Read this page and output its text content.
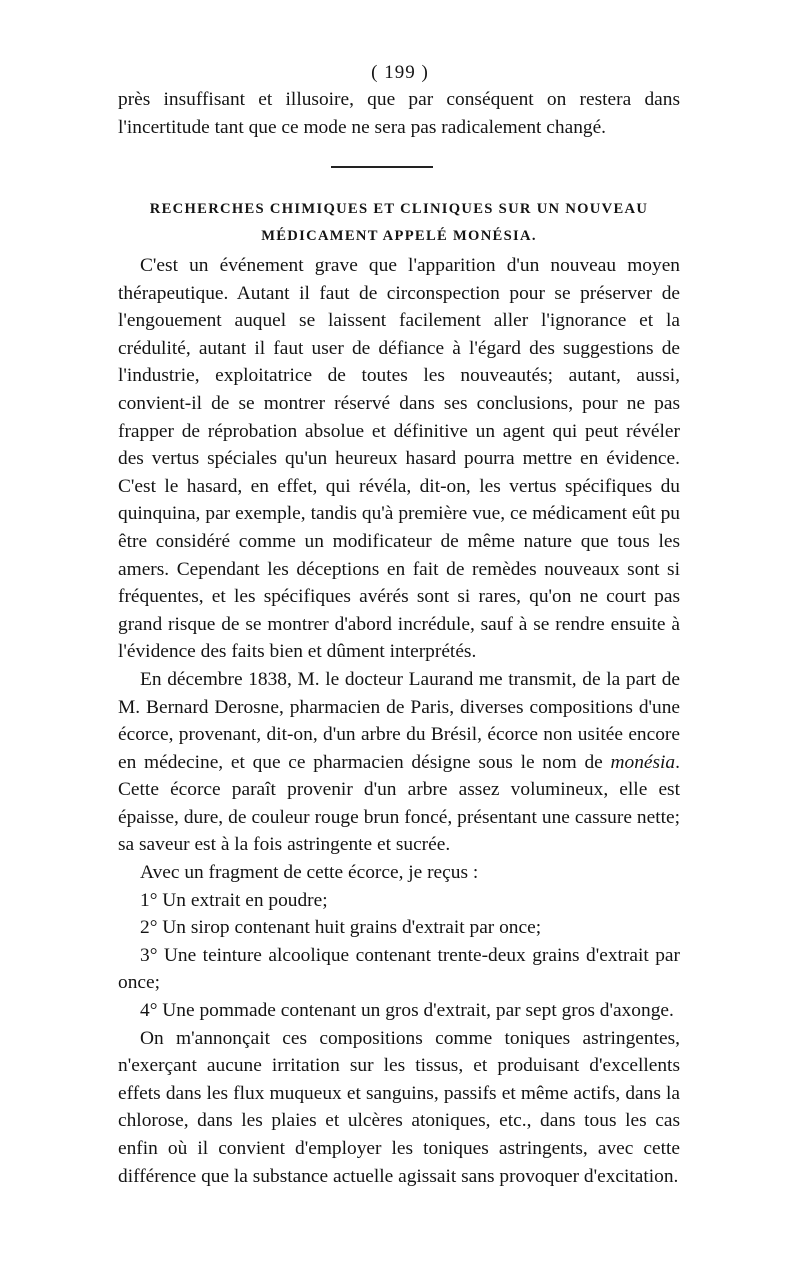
( 199 )

près insuffisant et illusoire, que par conséquent on restera dans l'incertitude tant que ce mode ne sera pas radicalement changé.

RECHERCHES CHIMIQUES ET CLINIQUES SUR UN NOUVEAU
MÉDICAMENT APPELÉ MONÉSIA.

C'est un événement grave que l'apparition d'un nouveau moyen thérapeutique. Autant il faut de circonspection pour se préserver de l'engouement auquel se laissent facilement aller l'ignorance et la crédulité, autant il faut user de défiance à l'égard des suggestions de l'industrie, exploitatrice de toutes les nouveautés; autant, aussi, convient-il de se montrer réservé dans ses conclusions, pour ne pas frapper de réprobation absolue et définitive un agent qui peut révéler des vertus spéciales qu'un heureux hasard pourra mettre en évidence. C'est le hasard, en effet, qui révéla, dit-on, les vertus spécifiques du quinquina, par exemple, tandis qu'à première vue, ce médicament eût pu être considéré comme un modificateur de même nature que tous les amers. Cependant les déceptions en fait de remèdes nouveaux sont si fréquentes, et les spécifiques avérés sont si rares, qu'on ne court pas grand risque de se montrer d'abord incrédule, sauf à se rendre ensuite à l'évidence des faits bien et dûment interprétés.

En décembre 1838, M. le docteur Laurand me transmit, de la part de M. Bernard Derosne, pharmacien de Paris, diverses compositions d'une écorce, provenant, dit-on, d'un arbre du Brésil, écorce non usitée encore en médecine, et que ce pharmacien désigne sous le nom de monésia. Cette écorce paraît provenir d'un arbre assez volumineux, elle est épaisse, dure, de couleur rouge brun foncé, présentant une cassure nette; sa saveur est à la fois astringente et sucrée.

Avec un fragment de cette écorce, je reçus :

1° Un extrait en poudre;

2° Un sirop contenant huit grains d'extrait par once;

3° Une teinture alcoolique contenant trente-deux grains d'extrait par once;

4° Une pommade contenant un gros d'extrait, par sept gros d'axonge.

On m'annonçait ces compositions comme toniques astringentes, n'exerçant aucune irritation sur les tissus, et produisant d'excellents effets dans les flux muqueux et sanguins, passifs et même actifs, dans la chlorose, dans les plaies et ulcères atoniques, etc., dans tous les cas enfin où il convient d'employer les toniques astringents, avec cette différence que la substance actuelle agissait sans provoquer d'excitation.
